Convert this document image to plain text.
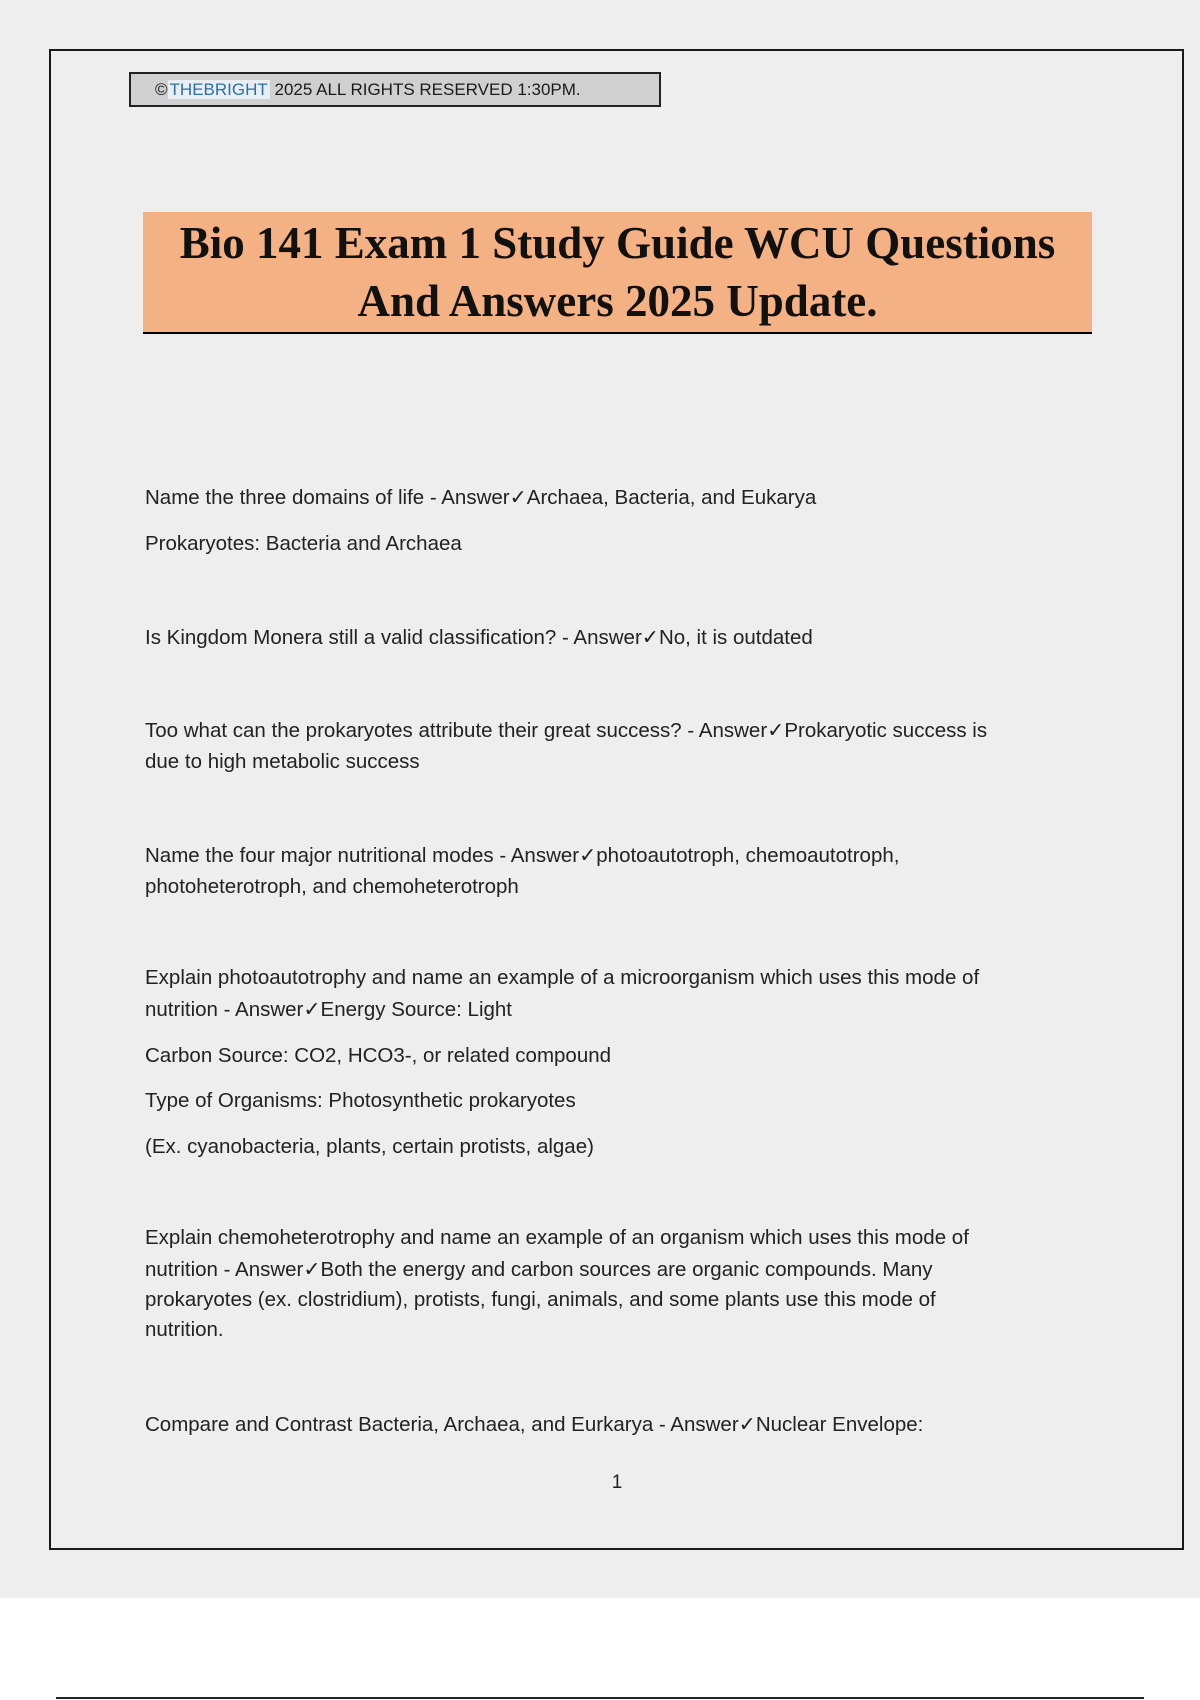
© THEBRIGHT 2025 ALL RIGHTS RESERVED 1:30PM.
Bio 141 Exam 1 Study Guide WCU Questions
And Answers 2025 Update.

Name the three domains of life - Answer✓Archaea, Bacteria, and Eukarya

Prokaryotes: Bacteria and Archaea

Is Kingdom Monera still a valid classification? - Answer✓No, it is outdated

Too what can the prokaryotes attribute their great success? - Answer✓Prokaryotic success is

due to high metabolic success

Name the four major nutritional modes - Answer✓photoautotroph, chemoautotroph,

photoheterotroph, and chemoheterotroph

Explain photoautotrophy and name an example of a microorganism which uses this mode of

nutrition - Answer✓Energy Source: Light

Carbon Source: CO2, HCO3-, or related compound

Type of Organisms: Photosynthetic prokaryotes

(Ex. cyanobacteria, plants, certain protists, algae)

Explain chemoheterotrophy and name an example of an organism which uses this mode of

nutrition - Answer✓Both the energy and carbon sources are organic compounds. Many

prokaryotes (ex. clostridium), protists, fungi, animals, and some plants use this mode of

nutrition.

Compare and Contrast Bacteria, Archaea, and Eurkarya - Answer✓Nuclear Envelope:

1
